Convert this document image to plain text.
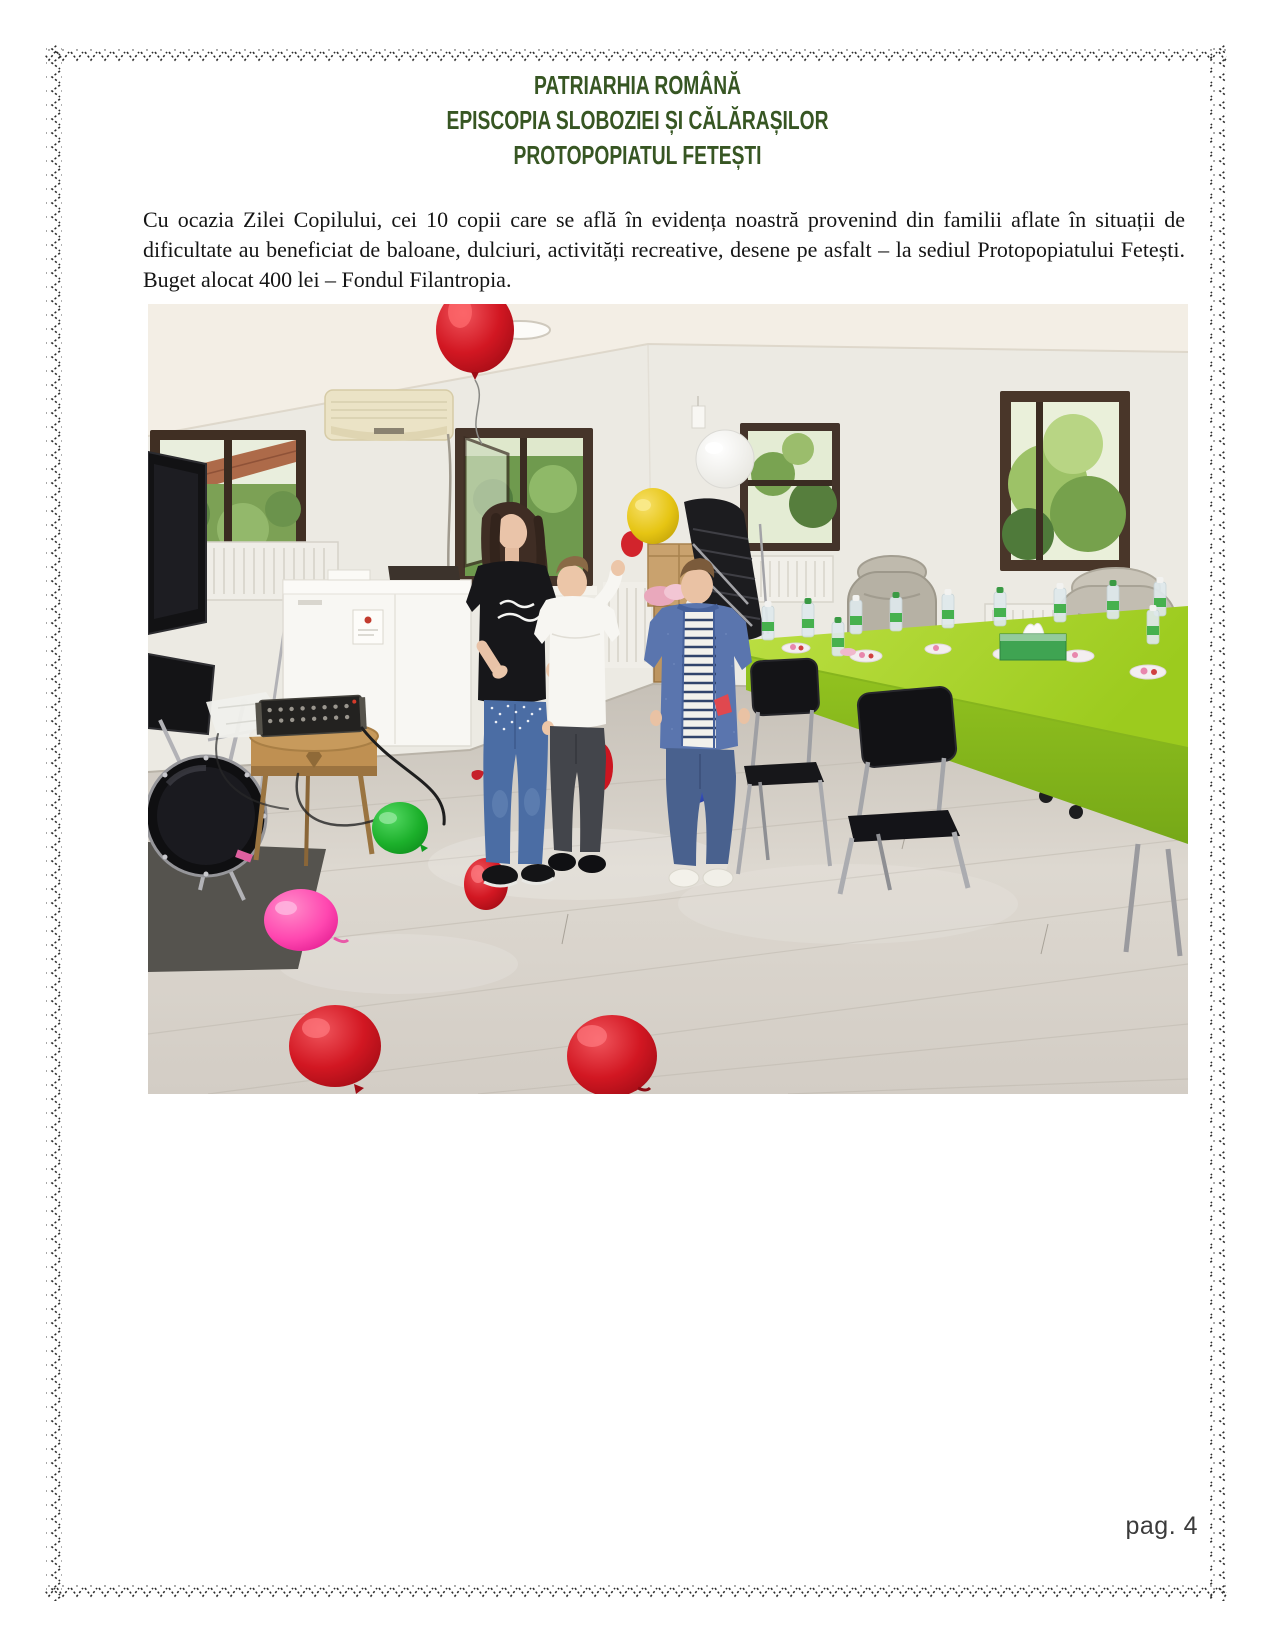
PATRIARHIA ROMÂNĂ
EPISCOPIA SLOBOZIEI ȘI CĂLĂRAȘILOR
PROTOPOPIATUL FETEȘTI
Cu ocazia Zilei Copilului, cei 10 copii care se află în evidența noastră provenind din familii aflate în situații de dificultate au beneficiat de baloane, dulciuri, activități recreative, desene pe asfalt – la sediul Protopopiatului Fetești. Buget alocat 400 lei – Fondul Filantropia.
pag. 4
